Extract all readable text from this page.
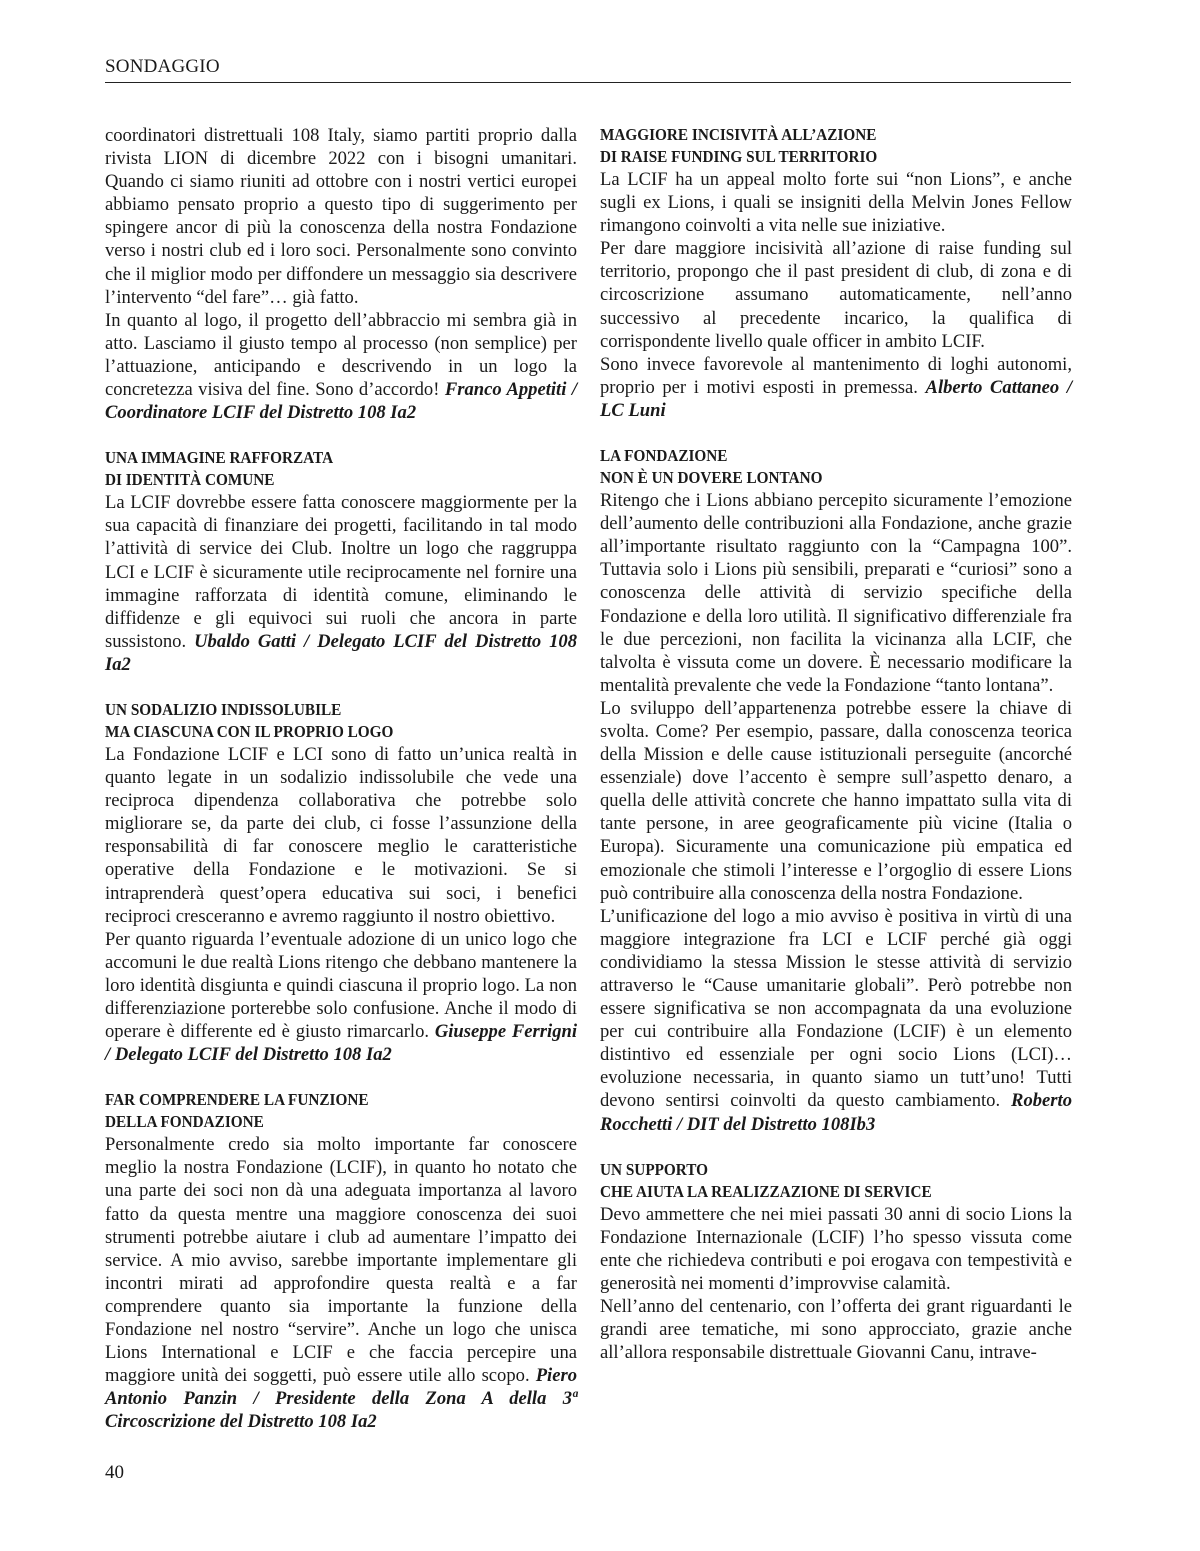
SONDAGGIO

coordinatori distrettuali 108 Italy, siamo partiti proprio dalla rivista LION di dicembre 2022 con i bisogni umanitari. Quando ci siamo riuniti ad ottobre con i nostri vertici europei abbiamo pensato proprio a questo tipo di suggerimento per spingere ancor di più la conoscenza della nostra Fondazione verso i nostri club ed i loro soci. Personalmente sono convinto che il miglior modo per diffondere un messaggio sia descrivere l’intervento “del fare”… già fatto.

In quanto al logo, il progetto dell’abbraccio mi sembra già in atto. Lasciamo il giusto tempo al processo (non semplice) per l’attuazione, anticipando e descrivendo in un logo la concretezza visiva del fine. Sono d’accordo! Franco Appetiti / Coordinatore LCIF del Distretto 108 Ia2

UNA IMMAGINE RAFFORZATA
DI IDENTITÀ COMUNE

La LCIF dovrebbe essere fatta conoscere maggiormente per la sua capacità di finanziare dei progetti, facilitando in tal modo l’attività di service dei Club. Inoltre un logo che raggruppa LCI e LCIF è sicuramente utile reciprocamente nel fornire una immagine rafforzata di identità comune, eliminando le diffidenze e gli equivoci sui ruoli che ancora in parte sussistono. Ubaldo Gatti / Delegato LCIF del Distretto 108 Ia2

UN SODALIZIO INDISSOLUBILE
MA CIASCUNA CON IL PROPRIO LOGO

La Fondazione LCIF e LCI sono di fatto un’unica realtà in quanto legate in un sodalizio indissolubile che vede una reciproca dipendenza collaborativa che potrebbe solo migliorare se, da parte dei club, ci fosse l’assunzione della responsabilità di far conoscere meglio le caratteristiche operative della Fondazione e le motivazioni. Se si intraprenderà quest’opera educativa sui soci, i benefici reciproci cresceranno e avremo raggiunto il nostro obiettivo.

Per quanto riguarda l’eventuale adozione di un unico logo che accomuni le due realtà Lions ritengo che debbano mantenere la loro identità disgiunta e quindi ciascuna il proprio logo. La non differenziazione porterebbe solo confusione. Anche il modo di operare è differente ed è giusto rimarcarlo. Giuseppe Ferrigni / Delegato LCIF del Distretto 108 Ia2

FAR COMPRENDERE LA FUNZIONE
DELLA FONDAZIONE

Personalmente credo sia molto importante far conoscere meglio la nostra Fondazione (LCIF), in quanto ho notato che una parte dei soci non dà una adeguata importanza al lavoro fatto da questa mentre una maggiore conoscenza dei suoi strumenti potrebbe aiutare i club ad aumentare l’impatto dei service. A mio avviso, sarebbe importante implementare gli incontri mirati ad approfondire questa realtà e a far comprendere quanto sia importante la funzione della Fondazione nel nostro “servire”. Anche un logo che unisca Lions International e LCIF e che faccia percepire una maggiore unità dei soggetti, può essere utile allo scopo. Piero Antonio Panzin / Presidente della Zona A della 3ª Circoscrizione del Distretto 108 Ia2

MAGGIORE INCISIVITÀ ALL’AZIONE
DI RAISE FUNDING SUL TERRITORIO

La LCIF ha un appeal molto forte sui “non Lions”, e anche sugli ex Lions, i quali se insigniti della Melvin Jones Fellow rimangono coinvolti a vita nelle sue iniziative.

Per dare maggiore incisività all’azione di raise funding sul territorio, propongo che il past president di club, di zona e di circoscrizione assumano automaticamente, nell’anno successivo al precedente incarico, la qualifica di corrispondente livello quale officer in ambito LCIF.

Sono invece favorevole al mantenimento di loghi autonomi, proprio per i motivi esposti in premessa. Alberto Cattaneo / LC Luni

LA FONDAZIONE
NON È UN DOVERE LONTANO

Ritengo che i Lions abbiano percepito sicuramente l’emozione dell’aumento delle contribuzioni alla Fondazione, anche grazie all’importante risultato raggiunto con la “Campagna 100”. Tuttavia solo i Lions più sensibili, preparati e “curiosi” sono a conoscenza delle attività di servizio specifiche della Fondazione e della loro utilità. Il significativo differenziale fra le due percezioni, non facilita la vicinanza alla LCIF, che talvolta è vissuta come un dovere. È necessario modificare la mentalità prevalente che vede la Fondazione “tanto lontana”.

Lo sviluppo dell’appartenenza potrebbe essere la chiave di svolta. Come? Per esempio, passare, dalla conoscenza teorica della Mission e delle cause istituzionali perseguite (ancorché essenziale) dove l’accento è sempre sull’aspetto denaro, a quella delle attività concrete che hanno impattato sulla vita di tante persone, in aree geograficamente più vicine (Italia o Europa). Sicuramente una comunicazione più empatica ed emozionale che stimoli l’interesse e l’orgoglio di essere Lions può contribuire alla conoscenza della nostra Fondazione.

L’unificazione del logo a mio avviso è positiva in virtù di una maggiore integrazione fra LCI e LCIF perché già oggi condividiamo la stessa Mission le stesse attività di servizio attraverso le “Cause umanitarie globali”. Però potrebbe non essere significativa se non accompagnata da una evoluzione per cui contribuire alla Fondazione (LCIF) è un elemento distintivo ed essenziale per ogni socio Lions (LCI)… evoluzione necessaria, in quanto siamo un tutt’uno! Tutti devono sentirsi coinvolti da questo cambiamento. Roberto Rocchetti / DIT del Distretto 108Ib3

UN SUPPORTO
CHE AIUTA LA REALIZZAZIONE DI SERVICE

Devo ammettere che nei miei passati 30 anni di socio Lions la Fondazione Internazionale (LCIF) l’ho spesso vissuta come ente che richiedeva contributi e poi erogava con tempestività e generosità nei momenti d’improvvise calamità.

Nell’anno del centenario, con l’offerta dei grant riguardanti le grandi aree tematiche, mi sono approcciato, grazie anche all’allora responsabile distrettuale Giovanni Canu, intrave-

40
